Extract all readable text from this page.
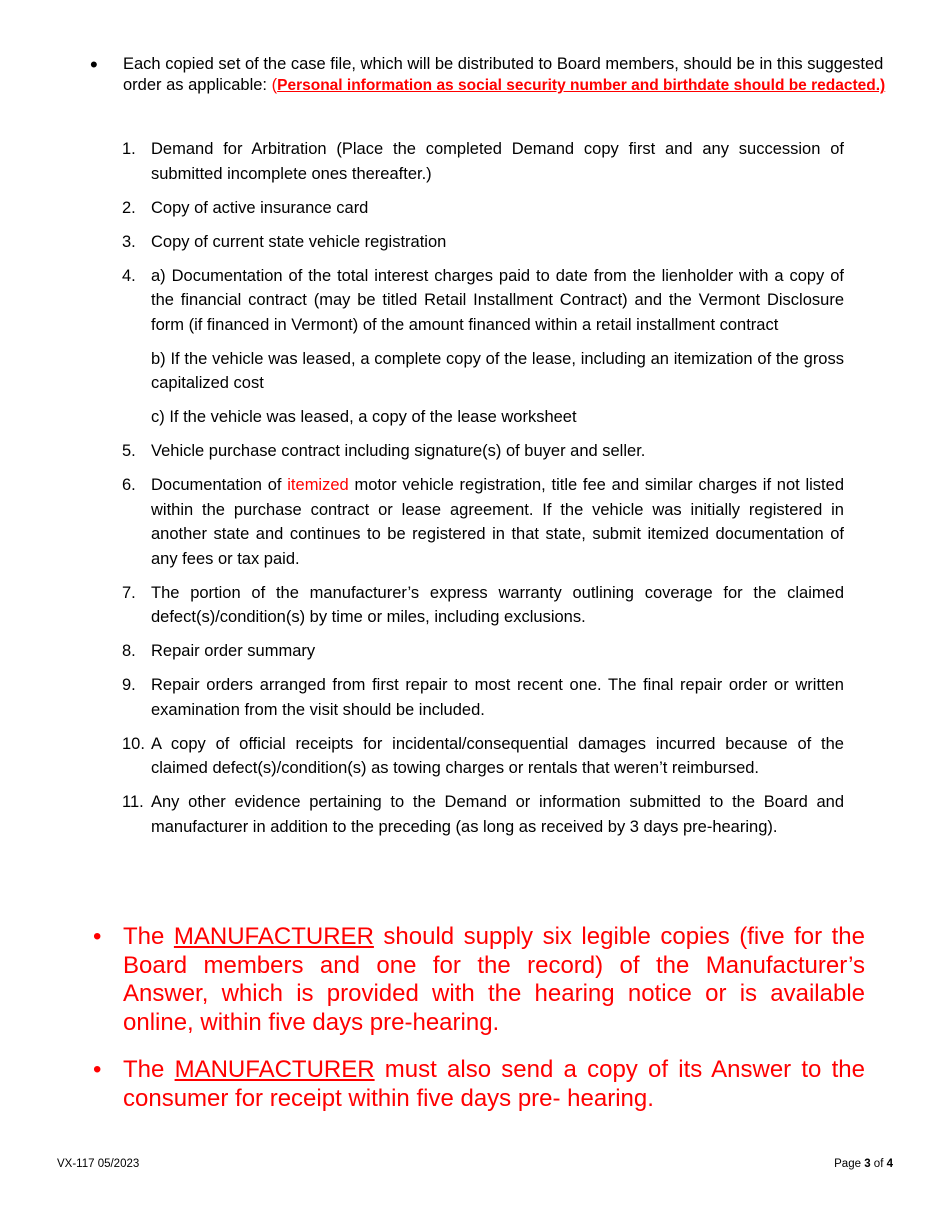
• Each copied set of the case file, which will be distributed to Board members, should be in this suggested order as applicable: (Personal information as social security number and birthdate should be redacted.)
1. Demand for Arbitration (Place the completed Demand copy first and any succession of submitted incomplete ones thereafter.)
2. Copy of active insurance card
3. Copy of current state vehicle registration
4. a) Documentation of the total interest charges paid to date from the lienholder with a copy of the financial contract (may be titled Retail Installment Contract) and the Vermont Disclosure form (if financed in Vermont) of the amount financed within a retail installment contract
b) If the vehicle was leased, a complete copy of the lease, including an itemization of the gross capitalized cost
c) If the vehicle was leased, a copy of the lease worksheet
5. Vehicle purchase contract including signature(s) of buyer and seller.
6. Documentation of itemized motor vehicle registration, title fee and similar charges if not listed within the purchase contract or lease agreement. If the vehicle was initially registered in another state and continues to be registered in that state, submit itemized documentation of any fees or tax paid.
7. The portion of the manufacturer’s express warranty outlining coverage for the claimed defect(s)/condition(s) by time or miles, including exclusions.
8. Repair order summary
9. Repair orders arranged from first repair to most recent one. The final repair order or written examination from the visit should be included.
10. A copy of official receipts for incidental/consequential damages incurred because of the claimed defect(s)/condition(s) as towing charges or rentals that weren’t reimbursed.
11. Any other evidence pertaining to the Demand or information submitted to the Board and manufacturer in addition to the preceding (as long as received by 3 days pre-hearing).
• The MANUFACTURER should supply six legible copies (five for the Board members and one for the record) of the Manufacturer’s Answer, which is provided with the hearing notice or is available online, within five days pre-hearing.
• The MANUFACTURER must also send a copy of its Answer to the consumer for receipt within five days pre- hearing.
VX-117 05/2023	Page 3 of 4
